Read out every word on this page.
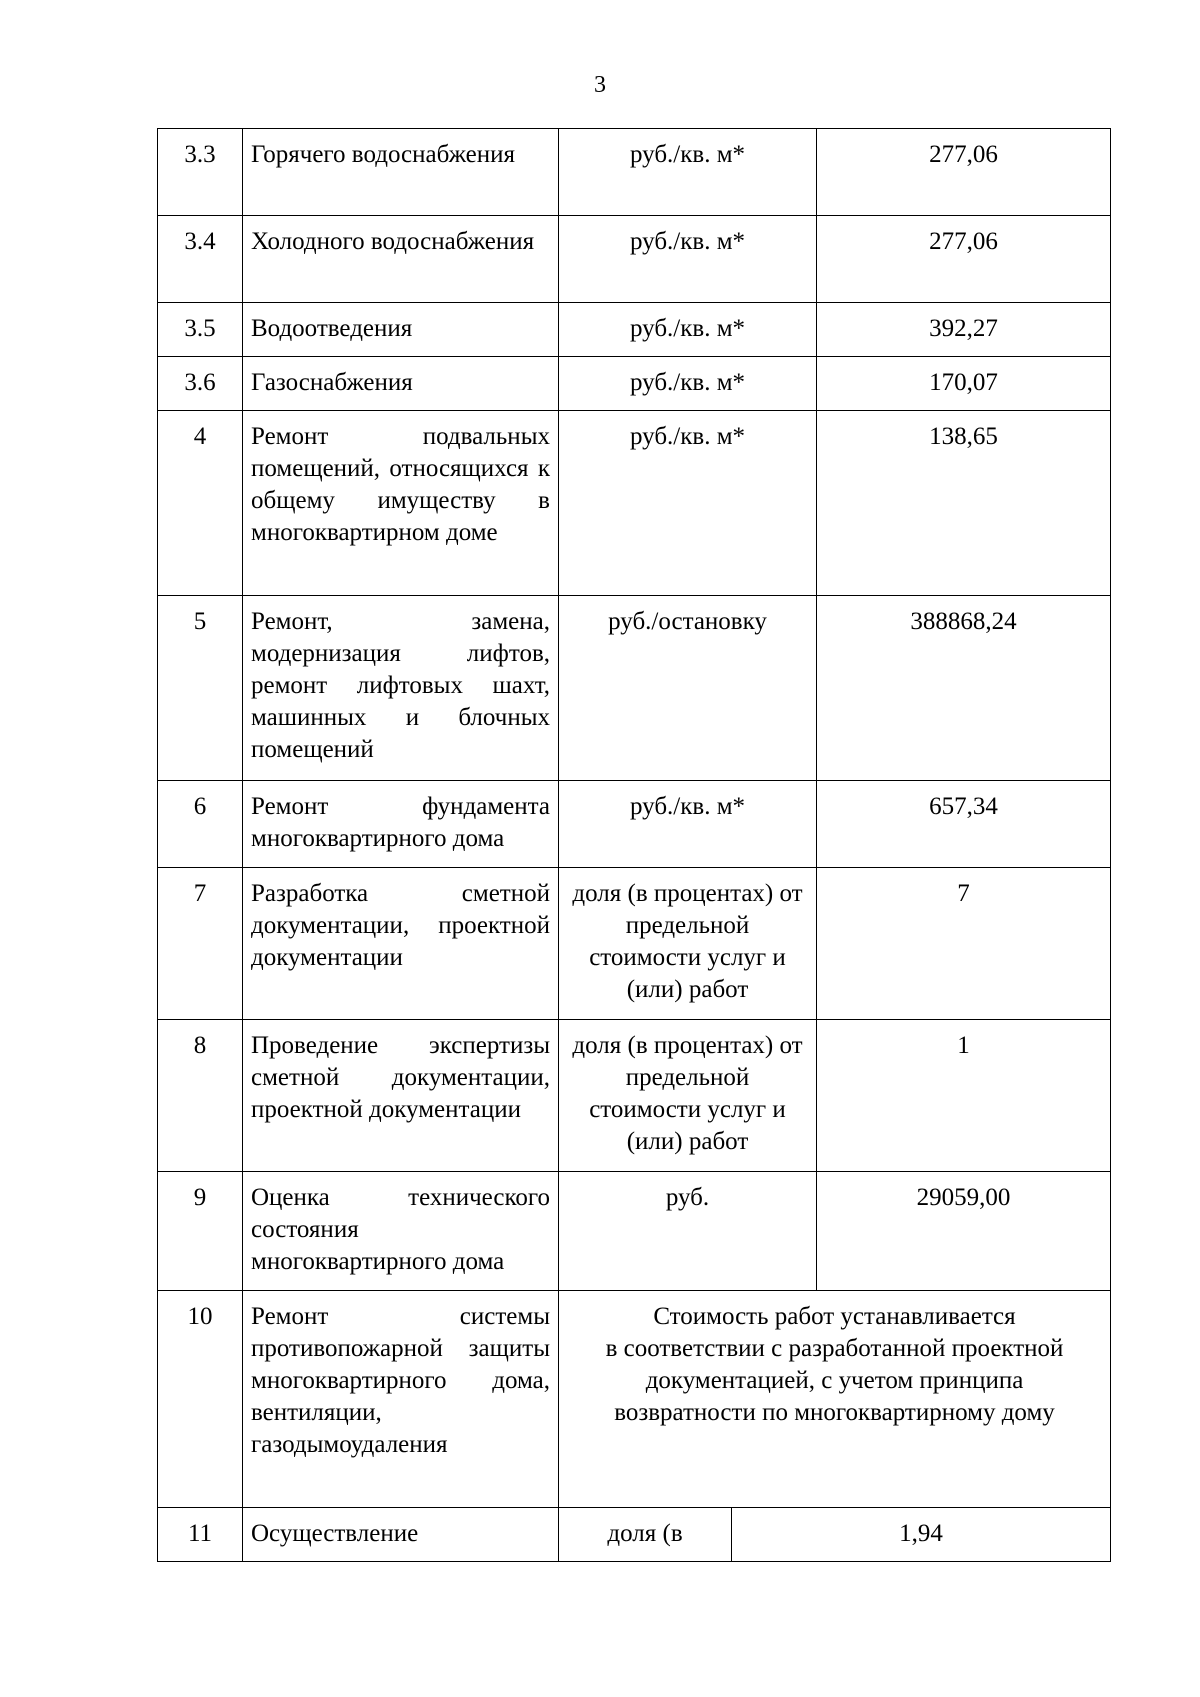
3
3.3	Горячего водоснабжения	руб./кв. м*		277,06
3.4	Холодного водоснабжения	руб./кв. м*		277,06
3.5	Водоотведения	руб./кв. м*		392,27
3.6	Газоснабжения	руб./кв. м*		170,07
4	Ремонт подвальных помещений, относящихся к общему имуществу в многоквартирном доме	руб./кв. м*		138,65
5	Ремонт, замена, модернизация лифтов, ремонт лифтовых шахт, машинных и блочных помещений	руб./остановку		388868,24
6	Ремонт фундамента многоквартирного дома	руб./кв. м*		657,34
7	Разработка сметной документации, проектной документации	доля (в процентах) от предельной стоимости услуг и (или) работ		7
8	Проведение экспертизы сметной документации, проектной документации	доля (в процентах) от предельной стоимости услуг и (или) работ		1
9	Оценка технического состояния многоквартирного дома	руб.		29059,00
10	Ремонт системы противопожарной защиты многоквартирного дома, вентиляции, газодымоудаления	Стоимость работ устанавливается
в соответствии с разработанной проектной
документацией, с учетом принципа
возвратности по многоквартирному дому		

11	Осуществление	доля (в	1,94	
